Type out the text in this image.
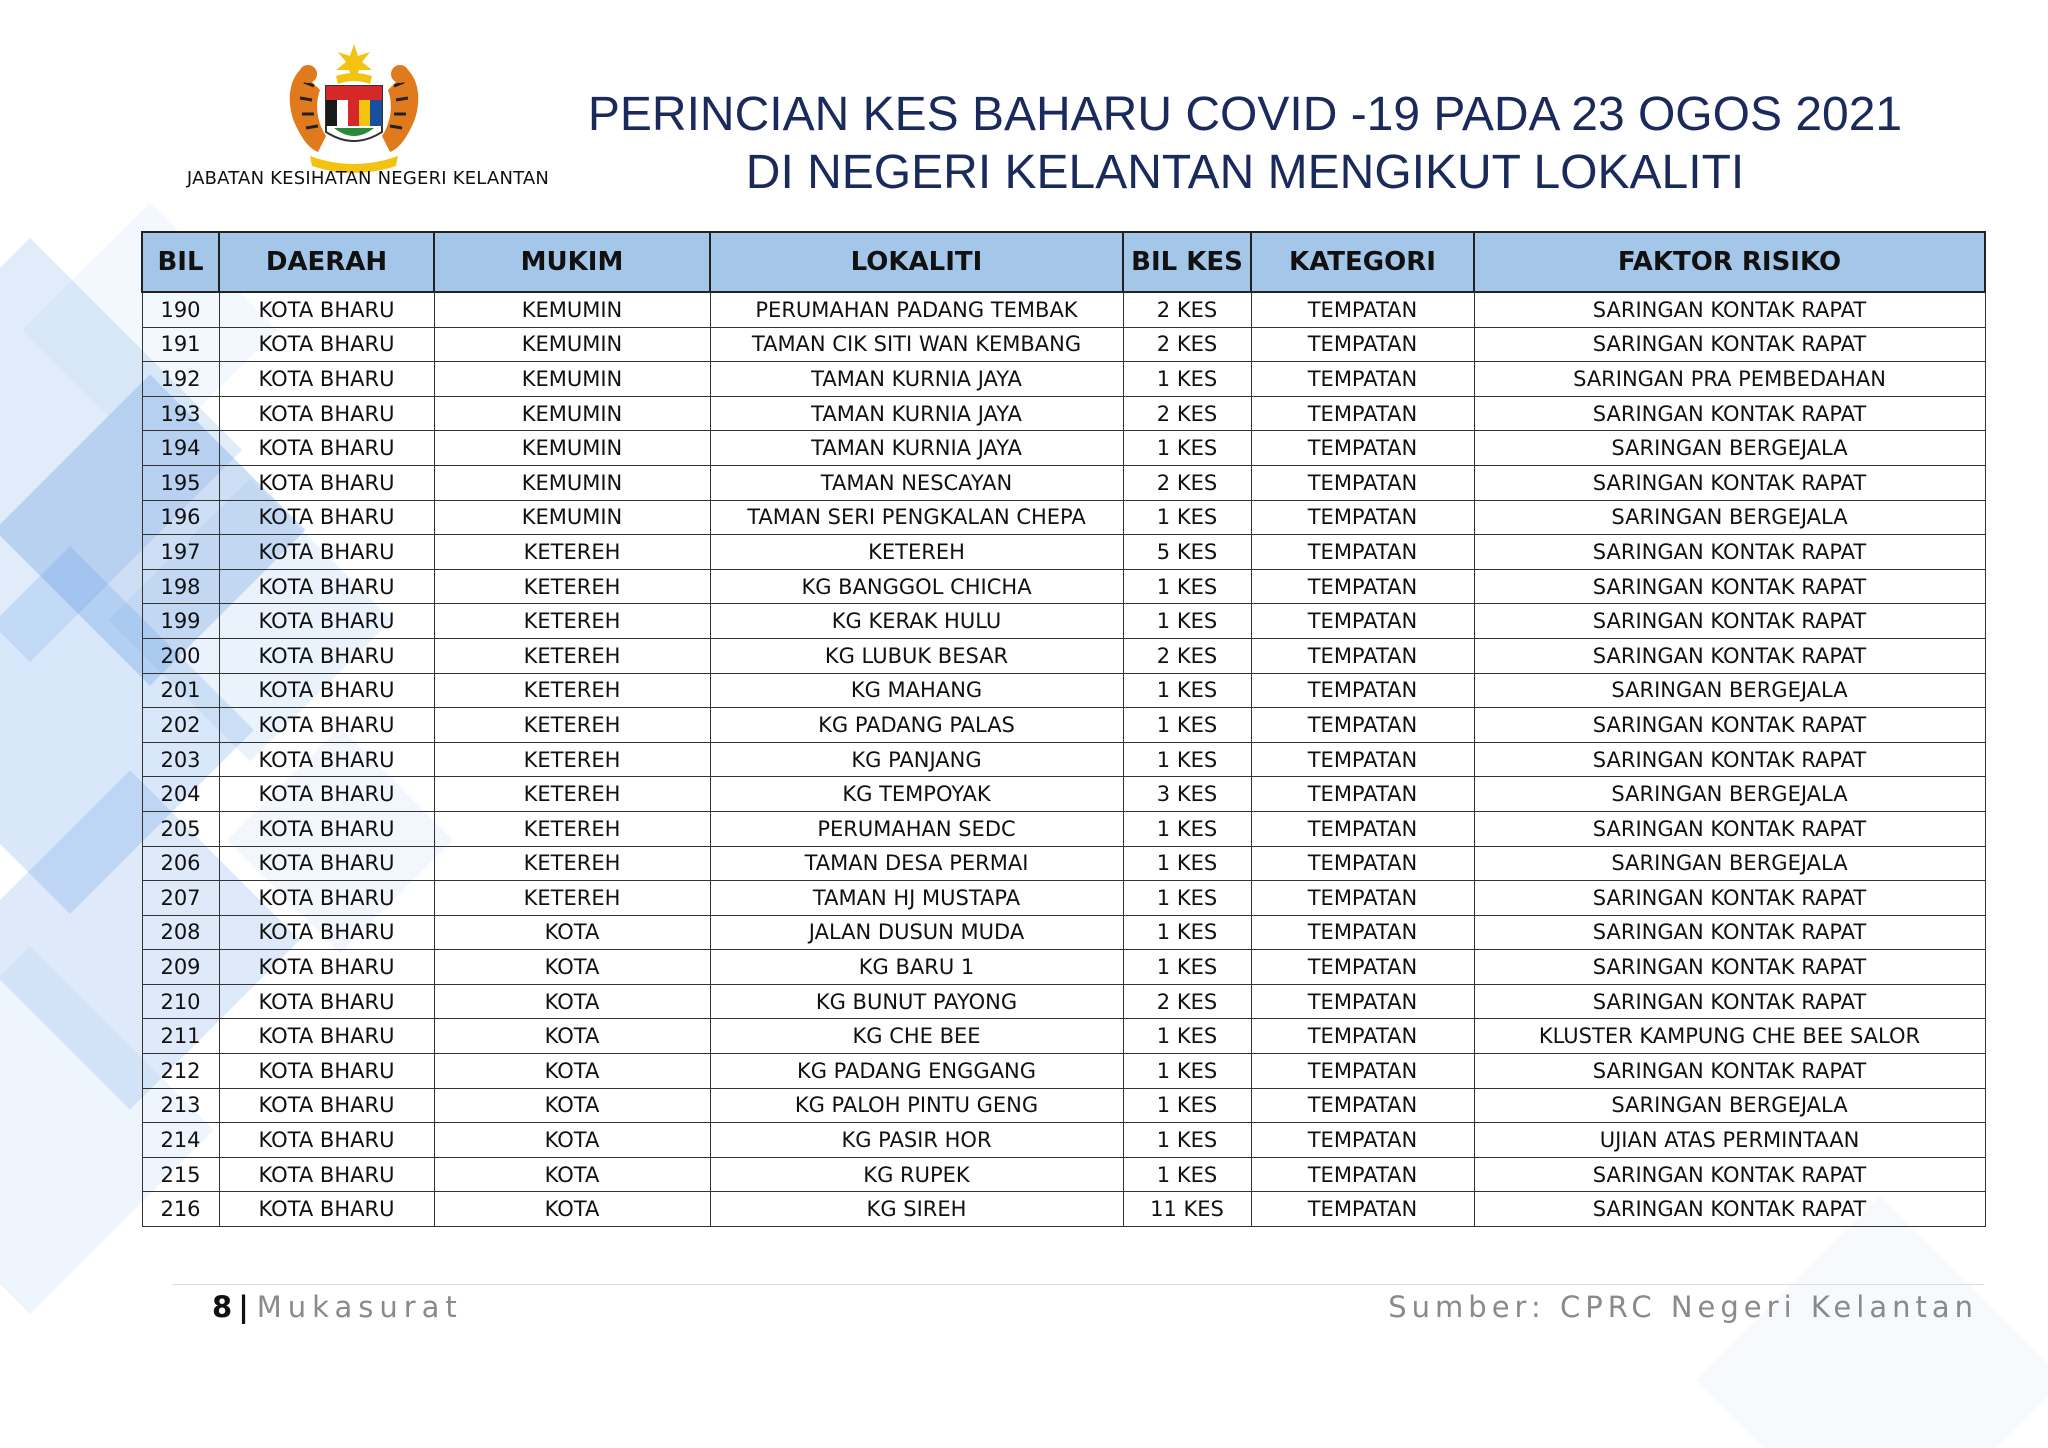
JABATAN KESIHATAN NEGERI KELANTAN
PERINCIAN KES BAHARU COVID -19 PADA 23 OGOS 2021
DI NEGERI KELANTAN MENGIKUT LOKALITI
BIL	DAERAH	MUKIM	LOKALITI	BIL KES	KATEGORI	FAKTOR RISIKO
190	KOTA BHARU	KEMUMIN	PERUMAHAN PADANG TEMBAK	2 KES	TEMPATAN	SARINGAN KONTAK RAPAT
191	KOTA BHARU	KEMUMIN	TAMAN CIK SITI WAN KEMBANG	2 KES	TEMPATAN	SARINGAN KONTAK RAPAT
192	KOTA BHARU	KEMUMIN	TAMAN KURNIA JAYA	1 KES	TEMPATAN	SARINGAN PRA PEMBEDAHAN
193	KOTA BHARU	KEMUMIN	TAMAN KURNIA JAYA	2 KES	TEMPATAN	SARINGAN KONTAK RAPAT
194	KOTA BHARU	KEMUMIN	TAMAN KURNIA JAYA	1 KES	TEMPATAN	SARINGAN BERGEJALA
195	KOTA BHARU	KEMUMIN	TAMAN NESCAYAN	2 KES	TEMPATAN	SARINGAN KONTAK RAPAT
196	KOTA BHARU	KEMUMIN	TAMAN SERI PENGKALAN CHEPA	1 KES	TEMPATAN	SARINGAN BERGEJALA
197	KOTA BHARU	KETEREH	KETEREH	5 KES	TEMPATAN	SARINGAN KONTAK RAPAT
198	KOTA BHARU	KETEREH	KG BANGGOL CHICHA	1 KES	TEMPATAN	SARINGAN KONTAK RAPAT
199	KOTA BHARU	KETEREH	KG KERAK HULU	1 KES	TEMPATAN	SARINGAN KONTAK RAPAT
200	KOTA BHARU	KETEREH	KG LUBUK BESAR	2 KES	TEMPATAN	SARINGAN KONTAK RAPAT
201	KOTA BHARU	KETEREH	KG MAHANG	1 KES	TEMPATAN	SARINGAN BERGEJALA
202	KOTA BHARU	KETEREH	KG PADANG PALAS	1 KES	TEMPATAN	SARINGAN KONTAK RAPAT
203	KOTA BHARU	KETEREH	KG PANJANG	1 KES	TEMPATAN	SARINGAN KONTAK RAPAT
204	KOTA BHARU	KETEREH	KG TEMPOYAK	3 KES	TEMPATAN	SARINGAN BERGEJALA
205	KOTA BHARU	KETEREH	PERUMAHAN SEDC	1 KES	TEMPATAN	SARINGAN KONTAK RAPAT
206	KOTA BHARU	KETEREH	TAMAN DESA PERMAI	1 KES	TEMPATAN	SARINGAN BERGEJALA
207	KOTA BHARU	KETEREH	TAMAN HJ MUSTAPA	1 KES	TEMPATAN	SARINGAN KONTAK RAPAT
208	KOTA BHARU	KOTA	JALAN DUSUN MUDA	1 KES	TEMPATAN	SARINGAN KONTAK RAPAT
209	KOTA BHARU	KOTA	KG BARU 1	1 KES	TEMPATAN	SARINGAN KONTAK RAPAT
210	KOTA BHARU	KOTA	KG BUNUT PAYONG	2 KES	TEMPATAN	SARINGAN KONTAK RAPAT
211	KOTA BHARU	KOTA	KG CHE BEE	1 KES	TEMPATAN	KLUSTER KAMPUNG CHE BEE SALOR
212	KOTA BHARU	KOTA	KG PADANG ENGGANG	1 KES	TEMPATAN	SARINGAN KONTAK RAPAT
213	KOTA BHARU	KOTA	KG PALOH PINTU GENG	1 KES	TEMPATAN	SARINGAN BERGEJALA
214	KOTA BHARU	KOTA	KG PASIR HOR	1 KES	TEMPATAN	UJIAN ATAS PERMINTAAN
215	KOTA BHARU	KOTA	KG RUPEK	1 KES	TEMPATAN	SARINGAN KONTAK RAPAT
216	KOTA BHARU	KOTA	KG SIREH	11 KES	TEMPATAN	SARINGAN KONTAK RAPAT
8 | Mukasurat	Sumber: CPRC Negeri Kelantan
